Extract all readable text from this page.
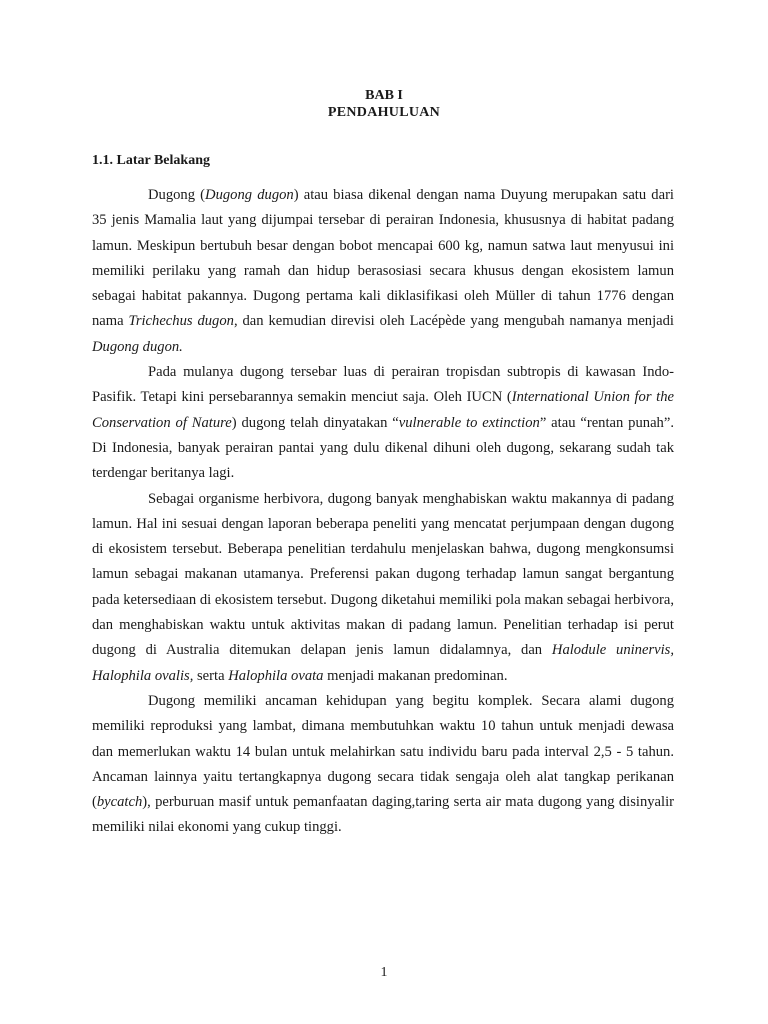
BAB I
PENDAHULUAN
1.1. Latar Belakang

Dugong (Dugong dugon) atau biasa dikenal dengan nama Duyung merupakan satu dari 35 jenis Mamalia laut yang dijumpai tersebar di perairan Indonesia, khususnya di habitat padang lamun. Meskipun bertubuh besar dengan bobot mencapai 600 kg, namun satwa laut menyusui ini memiliki perilaku yang ramah dan hidup berasosiasi secara khusus dengan ekosistem lamun sebagai habitat pakannya. Dugong pertama kali diklasifikasi oleh Müller di tahun 1776 dengan nama Trichechus dugon, dan kemudian direvisi oleh Lacépède yang mengubah namanya menjadi Dugong dugon.

Pada mulanya dugong tersebar luas di perairan tropisdan subtropis di kawasan Indo-Pasifik. Tetapi kini persebarannya semakin menciut saja. Oleh IUCN (International Union for the Conservation of Nature) dugong telah dinyatakan “vulnerable to extinction” atau “rentan punah”. Di Indonesia, banyak perairan pantai yang dulu dikenal dihuni oleh dugong, sekarang sudah tak terdengar beritanya lagi.

Sebagai organisme herbivora, dugong banyak menghabiskan waktu makannya di padang lamun. Hal ini sesuai dengan laporan beberapa peneliti yang mencatat perjumpaan dengan dugong di ekosistem tersebut. Beberapa penelitian terdahulu menjelaskan bahwa, dugong mengkonsumsi lamun sebagai makanan utamanya. Preferensi pakan dugong terhadap lamun sangat bergantung pada ketersediaan di ekosistem tersebut. Dugong diketahui memiliki pola makan sebagai herbivora, dan menghabiskan waktu untuk aktivitas makan di padang lamun. Penelitian terhadap isi perut dugong di Australia ditemukan delapan jenis lamun didalamnya, dan Halodule uninervis, Halophila ovalis, serta Halophila ovata menjadi makanan predominan.

Dugong memiliki ancaman kehidupan yang begitu komplek. Secara alami dugong memiliki reproduksi yang lambat, dimana membutuhkan waktu 10 tahun untuk menjadi dewasa dan memerlukan waktu 14 bulan untuk melahirkan satu individu baru pada interval 2,5 - 5 tahun. Ancaman lainnya yaitu tertangkapnya dugong secara tidak sengaja oleh alat tangkap perikanan (bycatch), perburuan masif untuk pemanfaatan daging,taring serta air mata dugong yang disinyalir memiliki nilai ekonomi yang cukup tinggi.

1
